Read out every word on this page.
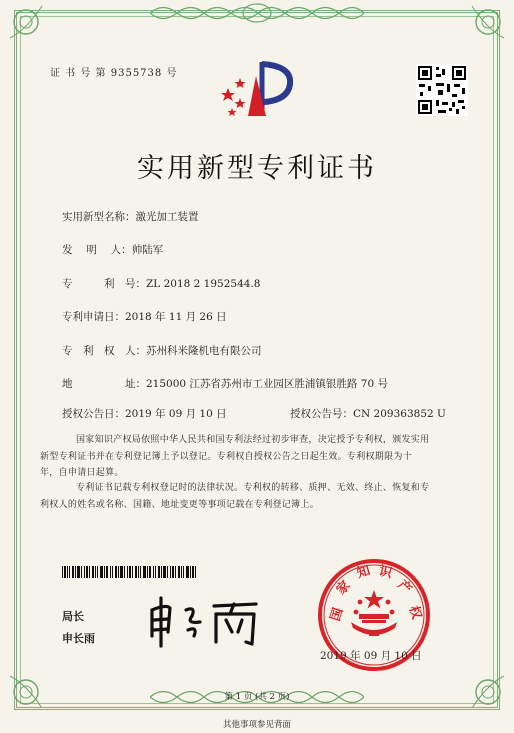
证 书 号 第 9355738 号
实用新型专利证书
实用新型名称：激光加工装置
发　 明　 人：帅陆军
专　　　利　号：ZL 2018 2 1952544.8
专利申请日：2018 年 11 月 26 日
专　利　权　人：苏州科米隆机电有限公司
地　　　　　址：215000 江苏省苏州市工业园区胜浦镇银胜路 70 号
授权公告日：2019 年 09 月 10 日	授权公告号：CN 209363852 U
国家知识产权局依照中华人民共和国专利法经过初步审查，决定授予专利权，颁发实用
新型专利证书并在专利登记簿上予以登记。专利权自授权公告之日起生效。专利权期限为十
年，自申请日起算。
专利证书记载专利权登记时的法律状况。专利权的转移、质押、无效、终止、恢复和专
利权人的姓名或名称、国籍、地址变更等事项记载在专利登记簿上。
局长
申长雨
国
家
知 识
产
权
2019 年 09 月 10 日
第 1 页 (共 2 页)
其他事项参见背面
